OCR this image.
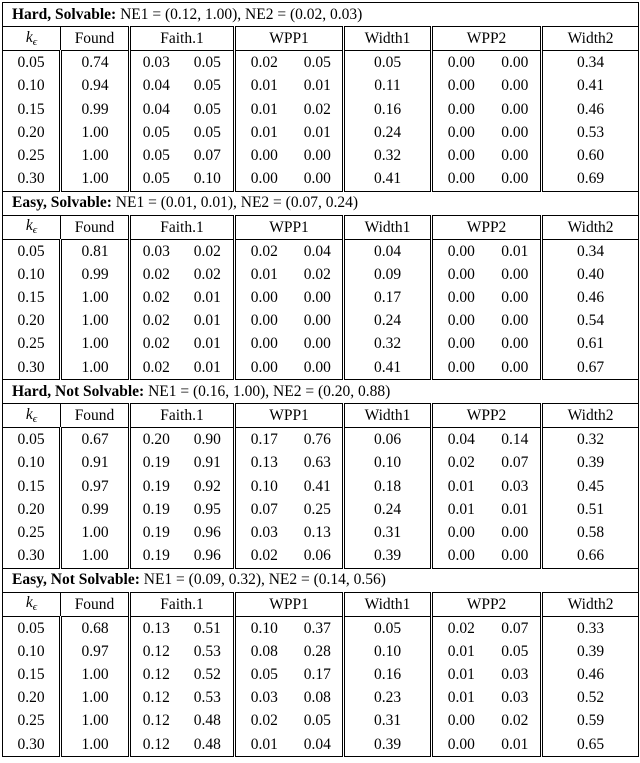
Hard, Solvable: NE1 = (0.12, 1.00), NE2 = (0.02, 0.03)									
$k_\epsilon$	Found	Faith.1		WPP1		Width1	WPP2		Width2
0.05	0.74	0.03	0.05	0.02	0.05	0.05	0.00	0.00	0.34
0.10	0.94	0.04	0.05	0.01	0.01	0.11	0.00	0.00	0.41
0.15	0.99	0.04	0.05	0.01	0.02	0.16	0.00	0.00	0.46
0.20	1.00	0.05	0.05	0.01	0.01	0.24	0.00	0.00	0.53
0.25	1.00	0.05	0.07	0.00	0.00	0.32	0.00	0.00	0.60
0.30	1.00	0.05	0.10	0.00	0.00	0.41	0.00	0.00	0.69
Easy, Solvable: NE1 = (0.01, 0.01), NE2 = (0.07, 0.24)									
$k_\epsilon$	Found	Faith.1		WPP1		Width1	WPP2		Width2
0.05	0.81	0.03	0.02	0.02	0.04	0.04	0.00	0.01	0.34
0.10	0.99	0.02	0.02	0.01	0.02	0.09	0.00	0.00	0.40
0.15	1.00	0.02	0.01	0.00	0.00	0.17	0.00	0.00	0.46
0.20	1.00	0.02	0.01	0.00	0.00	0.24	0.00	0.00	0.54
0.25	1.00	0.02	0.01	0.00	0.00	0.32	0.00	0.00	0.61
0.30	1.00	0.02	0.01	0.00	0.00	0.41	0.00	0.00	0.67
Hard, Not Solvable: NE1 = (0.16, 1.00), NE2 = (0.20, 0.88)									
$k_\epsilon$	Found	Faith.1		WPP1		Width1	WPP2		Width2
0.05	0.67	0.20	0.90	0.17	0.76	0.06	0.04	0.14	0.32
0.10	0.91	0.19	0.91	0.13	0.63	0.10	0.02	0.07	0.39
0.15	0.97	0.19	0.92	0.10	0.41	0.18	0.01	0.03	0.45
0.20	0.99	0.19	0.95	0.07	0.25	0.24	0.01	0.01	0.51
0.25	1.00	0.19	0.96	0.03	0.13	0.31	0.00	0.00	0.58
0.30	1.00	0.19	0.96	0.02	0.06	0.39	0.00	0.00	0.66
Easy, Not Solvable: NE1 = (0.09, 0.32), NE2 = (0.14, 0.56)									
$k_\epsilon$	Found	Faith.1		WPP1		Width1	WPP2		Width2
0.05	0.68	0.13	0.51	0.10	0.37	0.05	0.02	0.07	0.33
0.10	0.97	0.12	0.53	0.08	0.28	0.10	0.01	0.05	0.39
0.15	1.00	0.12	0.52	0.05	0.17	0.16	0.01	0.03	0.46
0.20	1.00	0.12	0.53	0.03	0.08	0.23	0.01	0.03	0.52
0.25	1.00	0.12	0.48	0.02	0.05	0.31	0.00	0.02	0.59
0.30	1.00	0.12	0.48	0.01	0.04	0.39	0.00	0.01	0.65
